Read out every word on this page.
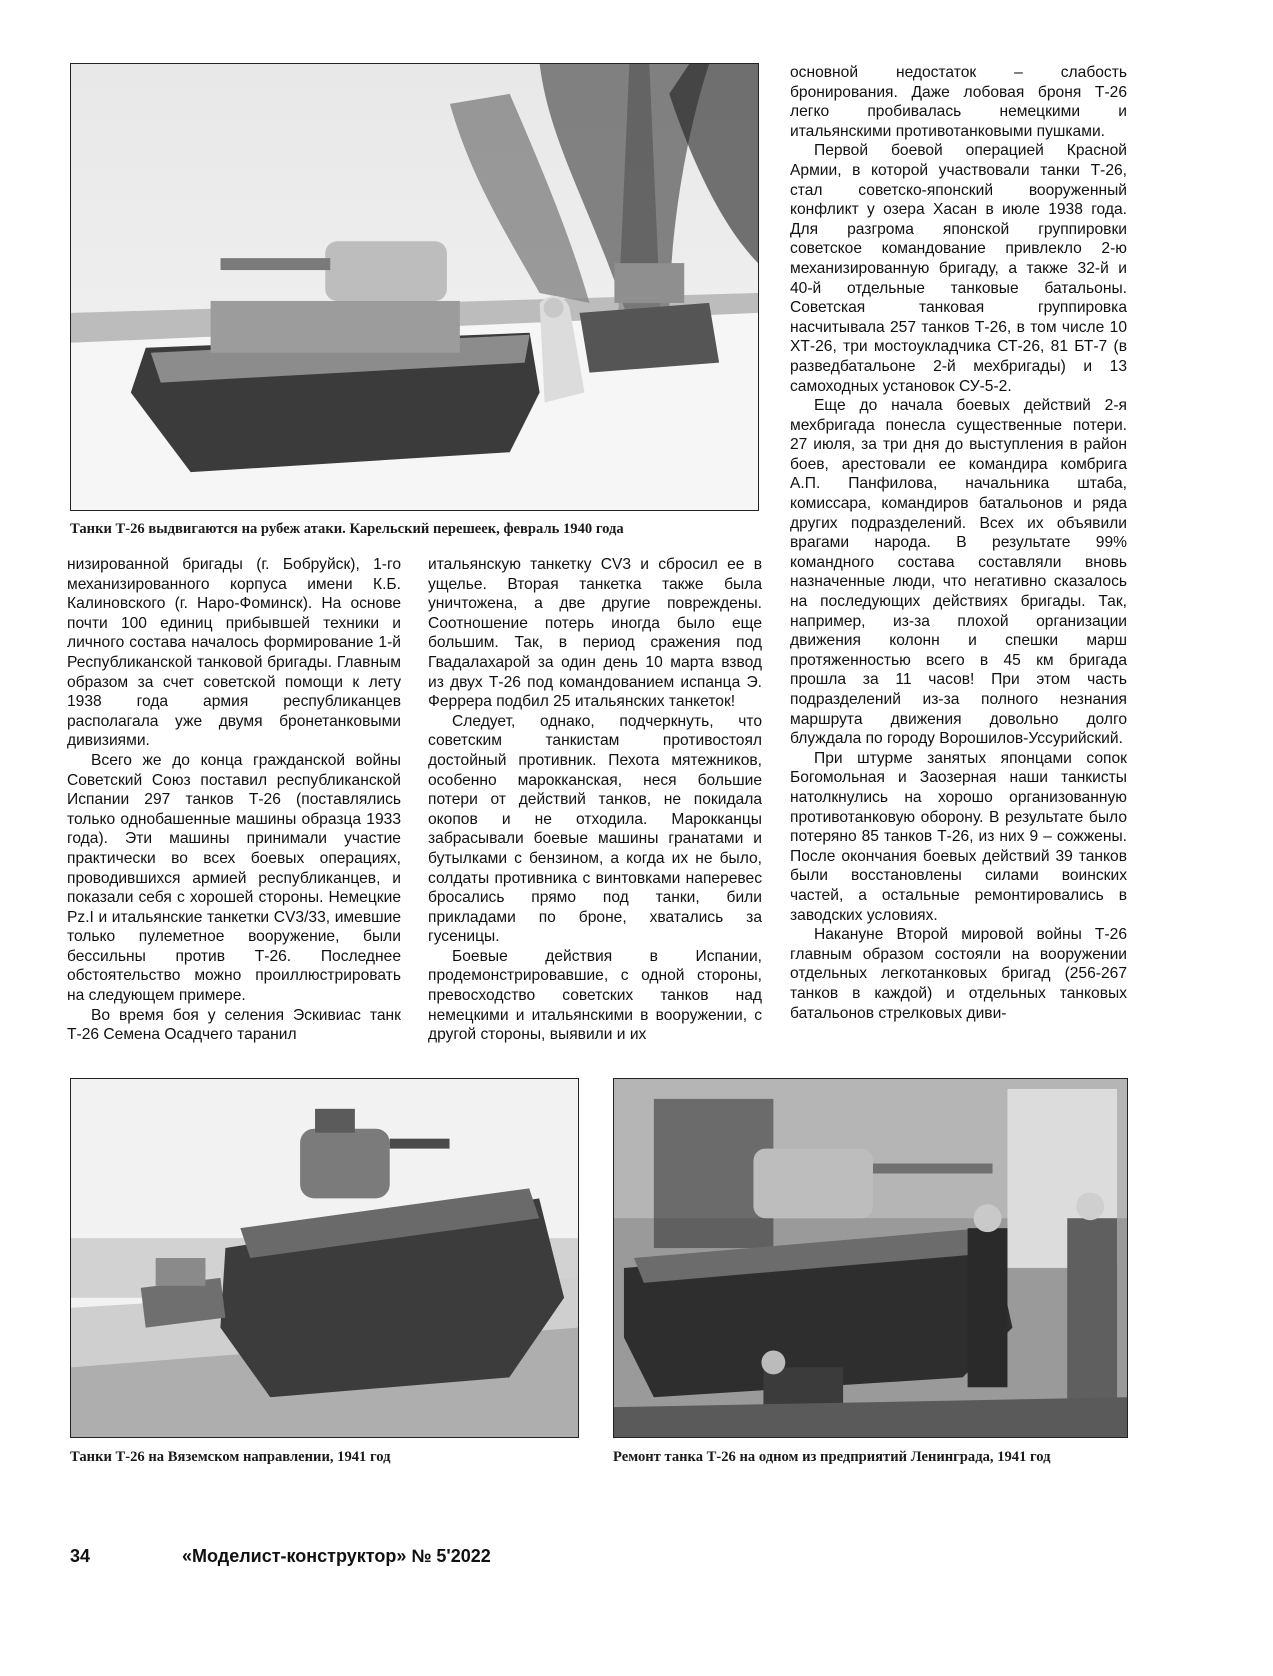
Танки Т-26 выдвигаются на рубеж атаки. Карельский перешеек, февраль 1940 года
Танки Т-26 на Вяземском направлении, 1941 год	Ремонт танка Т-26 на одном из предприятий Ленинграда, 1941 год

низированной бригады (г. Бобруйск), 1-го механизированного корпуса имени К.Б. Калиновского (г. Наро-Фоминск). На основе почти 100 единиц прибывшей техники и личного состава началось формирование 1-й Республиканской танковой бригады. Главным образом за счет советской помощи к лету 1938 года армия республиканцев располагала уже двумя бронетанковыми дивизиями.

Всего же до конца гражданской войны Советский Союз поставил республиканской Испании 297 танков Т-26 (поставлялись только однобашенные машины образца 1933 года). Эти машины принимали участие практически во всех боевых операциях, проводившихся армией республиканцев, и показали себя с хорошей стороны. Немецкие Pz.I и итальянские танкетки CV3/33, имевшие только пулеметное вооружение, были бессильны против Т-26. Последнее обстоятельство можно проиллюстрировать на следующем примере.

Во время боя у селения Эскивиас танк Т-26 Семена Осадчего таранил

итальянскую танкетку CV3 и сбросил ее в ущелье. Вторая танкетка также была уничтожена, а две другие повреждены. Соотношение потерь иногда было еще большим. Так, в период сражения под Гвадалахарой за один день 10 марта взвод из двух Т-26 под командованием испанца Э. Феррера подбил 25 итальянских танкеток!

Следует, однако, подчеркнуть, что советским танкистам противостоял достойный противник. Пехота мятежников, особенно марокканская, неся большие потери от действий танков, не покидала окопов и не отходила. Марокканцы забрасывали боевые машины гранатами и бутылками с бензином, а когда их не было, солдаты противника с винтовками наперевес бросались прямо под танки, били прикладами по броне, хватались за гусеницы.

Боевые действия в Испании, продемонстрировавшие, с одной стороны, превосходство советских танков над немецкими и итальянскими в вооружении, с другой стороны, выявили и их

основной недостаток – слабость бронирования. Даже лобовая броня Т-26 легко пробивалась немецкими и итальянскими противотанковыми пушками.

Первой боевой операцией Красной Армии, в которой участвовали танки Т-26, стал советско-японский вооруженный конфликт у озера Хасан в июле 1938 года. Для разгрома японской группировки советское командование привлекло 2-ю механизированную бригаду, а также 32-й и 40-й отдельные танковые батальоны. Советская танковая группировка насчитывала 257 танков Т-26, в том числе 10 ХТ-26, три мостоукладчика СТ-26, 81 БТ-7 (в разведбатальоне 2-й мехбригады) и 13 самоходных установок СУ-5-2.

Еще до начала боевых действий 2-я мехбригада понесла существенные потери. 27 июля, за три дня до выступления в район боев, арестовали ее командира комбрига А.П. Панфилова, начальника штаба, комиссара, командиров батальонов и ряда других подразделений. Всех их объявили врагами народа. В результате 99% командного состава составляли вновь назначенные люди, что негативно сказалось на последующих действиях бригады. Так, например, из-за плохой организации движения колонн и спешки марш протяженностью всего в 45 км бригада прошла за 11 часов! При этом часть подразделений из-за полного незнания маршрута движения довольно долго блуждала по городу Ворошилов-Уссурийский.

При штурме занятых японцами сопок Богомольная и Заозерная наши танкисты натолкнулись на хорошо организованную противотанковую оборону. В результате было потеряно 85 танков Т-26, из них 9 – сожжены. После окончания боевых действий 39 танков были восстановлены силами воинских частей, а остальные ремонтировались в заводских условиях.

Накануне Второй мировой войны Т-26 главным образом состояли на вооружении отдельных легкотанковых бригад (256-267 танков в каждой) и отдельных танковых батальонов стрелковых диви-

34	«Моделист-конструктор» № 5'2022
